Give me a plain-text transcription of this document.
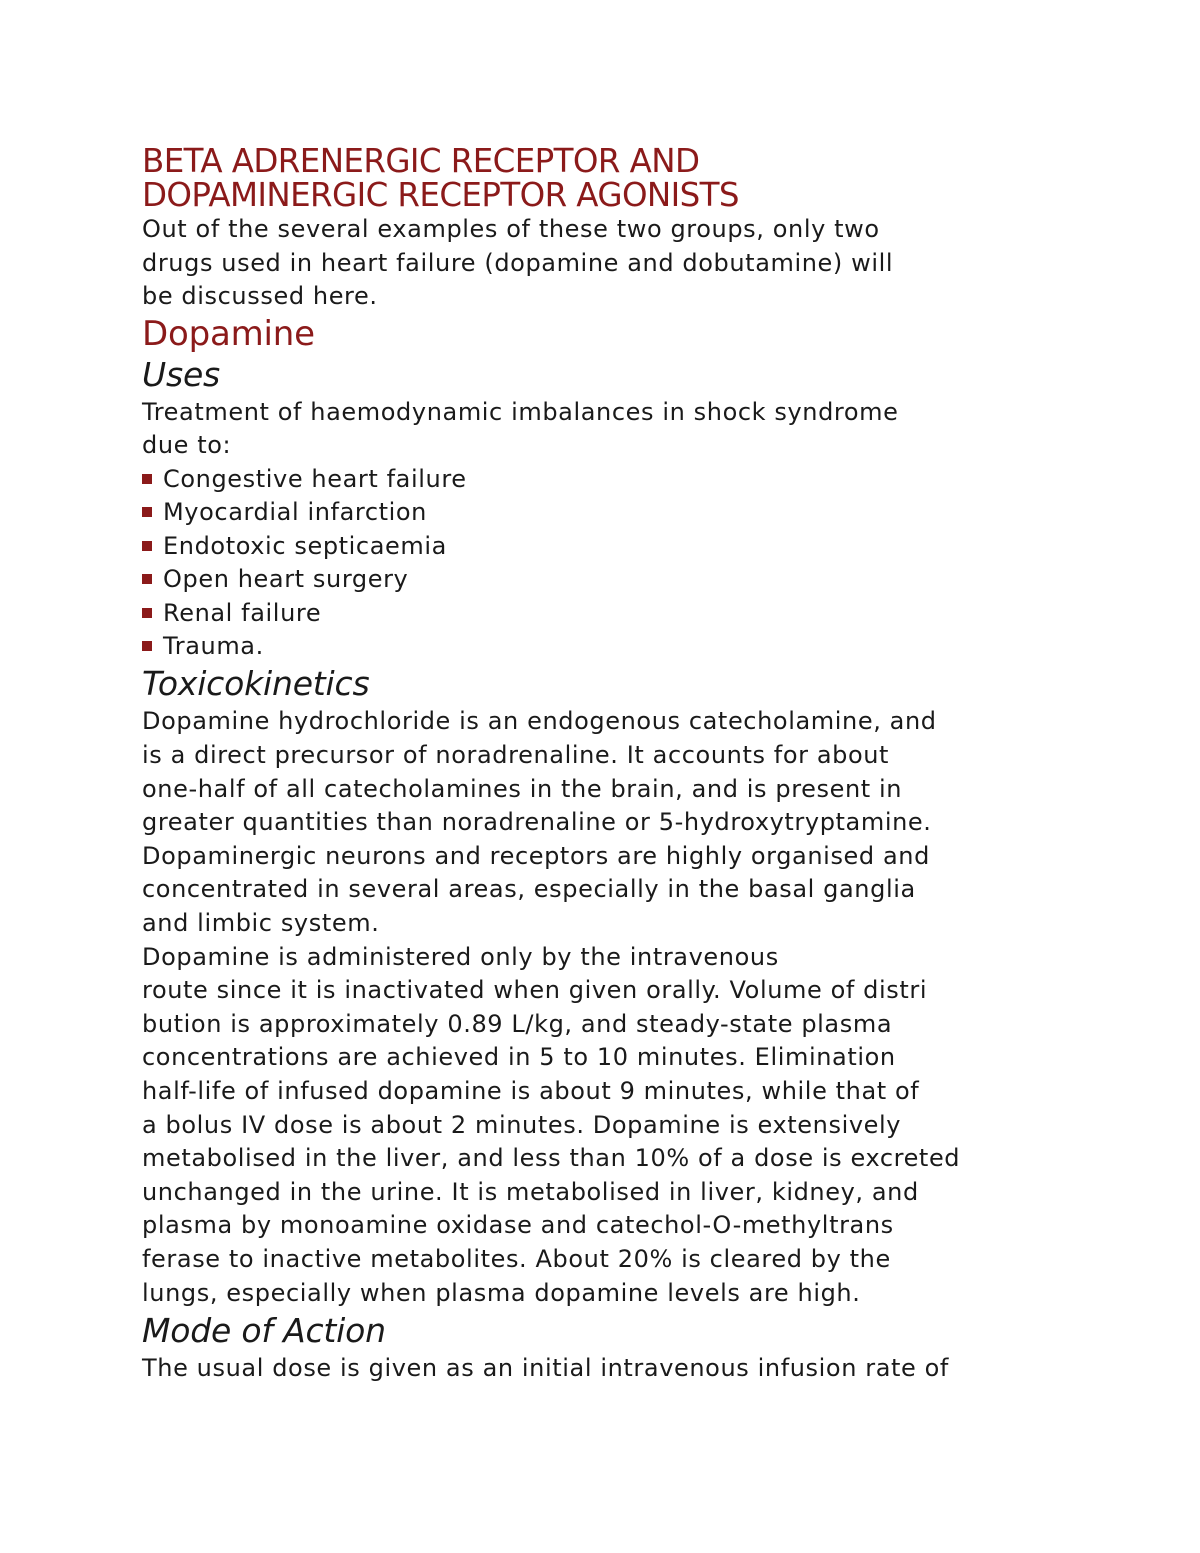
BETA ADRENERGIC RECEPTOR AND
DOPAMINERGIC RECEPTOR AGONISTS
Out of the several examples of these two groups, only two
drugs used in heart failure (dopamine and dobutamine) will
be discussed here.
Dopamine
Uses
Treatment of haemodynamic imbalances in shock syndrome
due to:
Congestive heart failure
Myocardial infarction
Endotoxic septicaemia
Open heart surgery
Renal failure
Trauma.
Toxicokinetics
Dopamine hydrochloride is an endogenous catecholamine, and
is a direct precursor of noradrenaline. It accounts for about
one-half of all catecholamines in the brain, and is present in
greater quantities than noradrenaline or 5-hydroxytryptamine.
Dopaminergic neurons and receptors are highly organised and
concentrated in several areas, especially in the basal ganglia
and limbic system.
Dopamine is administered only by the intravenous
route since it is inactivated when given orally. Volume of distri
bution is approximately 0.89 L/kg, and steady-state plasma
concentrations are achieved in 5 to 10 minutes. Elimination
half-life of infused dopamine is about 9 minutes, while that of
a bolus IV dose is about 2 minutes. Dopamine is extensively
metabolised in the liver, and less than 10% of a dose is excreted
unchanged in the urine. It is metabolised in liver, kidney, and
plasma by monoamine oxidase and catechol-O-methyltrans
ferase to inactive metabolites. About 20% is cleared by the
lungs, especially when plasma dopamine levels are high.
Mode of Action
The usual dose is given as an initial intravenous infusion rate of
